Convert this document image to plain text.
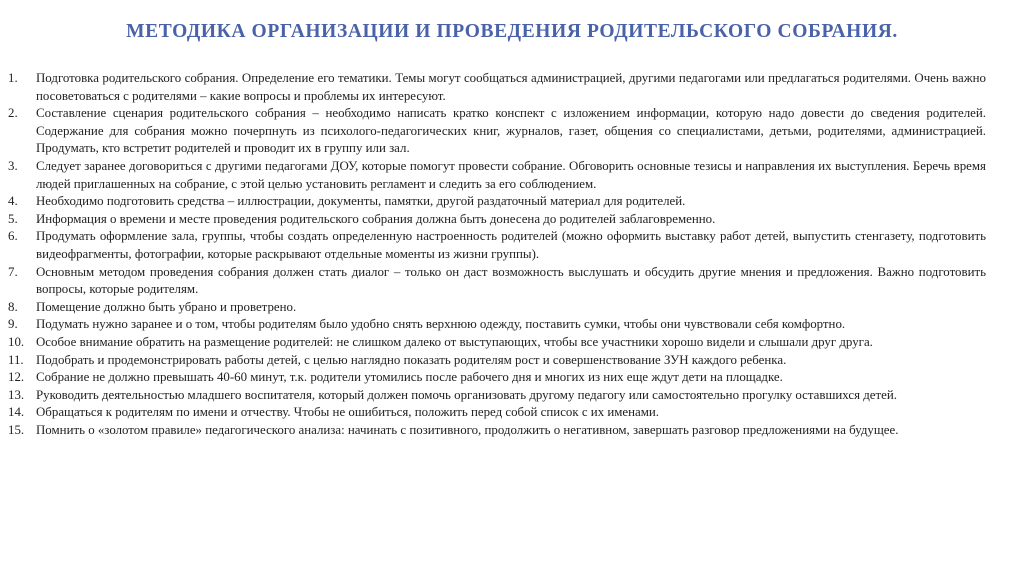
МЕТОДИКА ОРГАНИЗАЦИИ И ПРОВЕДЕНИЯ РОДИТЕЛЬСКОГО СОБРАНИЯ.
1.	Подготовка родительского собрания. Определение его тематики. Темы могут сообщаться администрацией, другими педагогами или предлагаться родителями. Очень важно посоветоваться с родителями – какие вопросы и проблемы их интересуют.
2.	Составление сценария родительского собрания – необходимо написать кратко конспект с изложением информации, которую надо довести до сведения родителей. Содержание для собрания можно почерпнуть из психолого-педагогических книг, журналов, газет, общения со специалистами, детьми, родителями, администрацией. Продумать, кто встретит родителей и проводит их в группу или зал.
3.	Следует заранее договориться с другими педагогами ДОУ, которые помогут провести собрание. Обговорить основные тезисы и направления их выступления. Беречь время людей приглашенных на собрание, с этой целью установить регламент и следить за его соблюдением.
4.	Необходимо подготовить средства – иллюстрации, документы, памятки, другой раздаточный материал для родителей.
5.	Информация о времени и месте проведения родительского собрания должна быть донесена до родителей заблаговременно.
6.	Продумать оформление зала, группы, чтобы создать определенную настроенность родителей (можно оформить выставку работ детей, выпустить стенгазету, подготовить видеофрагменты, фотографии, которые раскрывают отдельные моменты из жизни группы).
7.	Основным методом проведения собрания должен стать диалог – только он даст возможность выслушать и обсудить другие мнения и предложения. Важно подготовить вопросы, которые родителям.
8.	Помещение должно быть убрано и проветрено.
9.	Подумать нужно заранее и о том, чтобы родителям было удобно снять верхнюю одежду, поставить сумки, чтобы они чувствовали себя комфортно.
10. Особое внимание обратить на размещение родителей: не слишком далеко от выступающих, чтобы все участники хорошо видели и слышали друг друга.
11. Подобрать и продемонстрировать работы детей, с целью наглядно показать родителям рост и совершенствование ЗУН каждого ребенка.
12. Собрание не должно превышать 40-60 минут, т.к. родители утомились после рабочего дня и многих из них еще ждут дети на площадке.
13. Руководить деятельностью младшего воспитателя, который должен помочь организовать другому педагогу или самостоятельно прогулку оставшихся детей.
14. Обращаться к родителям по имени и отчеству. Чтобы не ошибиться, положить перед собой список с их именами.
15. Помнить о «золотом правиле» педагогического анализа: начинать с позитивного, продолжить о негативном, завершать разговор предложениями на будущее.
